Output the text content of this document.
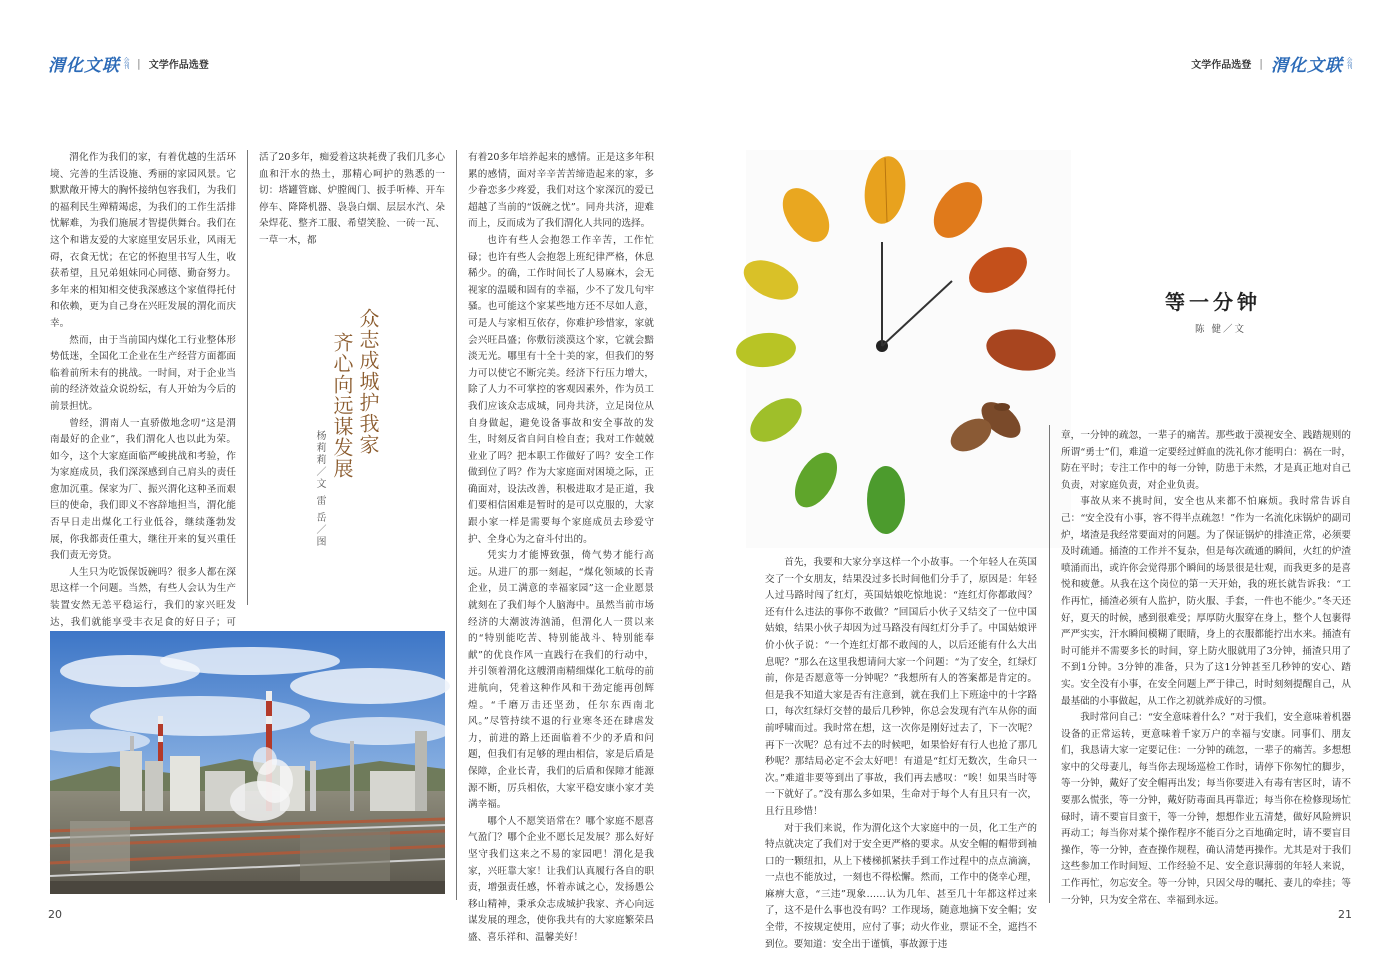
渭化文联 会刊 | 文学作品选登	文学作品选登 | 渭化文联 会刊

渭化作为我们的家，有着优越的生活环境、完善的生活设施、秀丽的家园风景。它默默敞开博大的胸怀接纳包容我们，为我们的福利民生殚精竭虑，为我们的工作生活排忧解难，为我们施展才智提供舞台。我们在这个和谐友爱的大家庭里安居乐业，风雨无碍，衣食无忧；在它的怀抱里书写人生，收获希望，且兄弟姐妹同心同德、勤奋努力。多年来的相知相交使我深感这个家值得托付和依赖，更为自己身在兴旺发展的渭化而庆幸。

然而，由于当前国内煤化工行业整体形势低迷，全国化工企业在生产经营方面都面临着前所未有的挑战。一时间，对于企业当前的经济效益众说纷纭，有人开始为今后的前景担忧。

曾经，渭南人一直骄傲地念叨“这是渭南最好的企业”，我们渭化人也以此为荣。如今，这个大家庭面临严峻挑战和考验，作为家庭成员，我们深深感到自己肩头的责任愈加沉重。保家为厂、振兴渭化这种圣而艰巨的使命，我们即义不容辞地担当，渭化能否早日走出煤化工行业低谷，继续蓬勃发展，你我都责任重大，继往开来的复兴重任我们责无旁贷。

人生只为吃饭保饭碗吗？很多人都在深思这样一个问题。当然，有些人会认为生产装置安然无恙平稳运行，我们的家兴旺发达，我们就能享受丰衣足食的好日子；可

活了20多年，痴爱着这块耗费了我们几多心血和汗水的热土，那精心呵护的熟悉的一切：塔罐管廊、炉膛阀门、扳手听棒、开车停车、降降机器、袅袅白烟、层层水汽、朵朵焊花、整齐工服、希望笑脸、一砖一瓦、一草一木，都

众志成城护我家
齐心向远谋发展
杨莉莉／文 雷 岳／图

有着20多年培养起来的感情。正是这多年积累的感情，面对辛辛苦苦缔造起来的家，多少眷恋多少疼爱，我们对这个家深沉的爱已超越了当前的“饭碗之忧”。同舟共济，迎难而上，反而成为了我们渭化人共同的选择。

也许有些人会抱怨工作辛苦，工作忙碌；也许有些人会抱怨上班纪律严格，休息稀少。的确，工作时间长了人易麻木，会无视家的温暖和固有的幸福，少不了发几句牢骚。也可能这个家某些地方还不尽如人意，可是人与家相互依存，你难护珍惜家，家就会兴旺昌盛；你敷衍淡漠这个家，它就会黯淡无光。哪里有十全十美的家，但我们的努力可以使它不断完美。经济下行压力增大，除了人力不可掌控的客观因素外，作为员工我们应该众志成城，同舟共济，立足岗位从自身做起，避免设备事故和安全事故的发生，时刻反省自问自检自查；我对工作兢兢业业了吗？把本职工作做好了吗？安全工作做到位了吗？作为大家庭面对困境之际，正确面对，设法改善，积极进取才是正道，我们要相信困难是暂时的是可以克服的，大家跟小家一样是需要每个家庭成员去珍爱守护、全身心为之奋斗付出的。

凭实力才能博致强，倚气势才能行高远。从进厂的那一刻起，“煤化领域的长青企业，员工满意的幸福家园”这一企业愿景就刻在了我们每个人脑海中。虽然当前市场经济的大潮波涛汹涌，但渭化人一贯以来的“特别能吃苦、特别能战斗、特别能奉献”的优良作风一直践行在我们的行动中，并引领着渭化这艘渭南精细煤化工航母的前进航向，凭着这种作风和干劲定能再创辉煌。“千磨万击还坚劲，任尔东西南北风。”尽管持续不退的行业寒冬还在肆虐发力，前进的路上还面临着不少的矛盾和问题，但我们有足够的理由相信，家是后盾是保障，企业长青，我们的后盾和保障才能源源不断，厉兵相依，大家平稳安康小家才美满幸福。

哪个人不愿笑语常在？哪个家庭不愿喜气盈门？哪个企业不愿长足发展？那么好好坚守我们这来之不易的家园吧！渭化是我家，兴旺靠大家！让我们认真履行各自的职责，增强责任感，怀着赤诚之心，发扬愚公移山精神，秉承众志成城护我家、齐心向远谋发展的理念，使你我共有的大家庭繁荣昌盛、喜乐祥和、温馨美好！

20
等一分钟
陈 健／文

首先，我要和大家分享这样一个小故事。一个年轻人在英国交了一个女朋友，结果没过多长时间他们分手了，原因是：年轻人过马路时闯了红灯，英国姑娘吃惊地说：“连红灯你都敢闯？还有什么违法的事你不敢做？”回国后小伙子又结交了一位中国姑娘，结果小伙子却因为过马路没有闯红灯分手了。中国姑娘评价小伙子说：“一个连红灯都不敢闯的人，以后还能有什么大出息呢？”那么在这里我想请问大家一个问题：“为了安全，红绿灯前，你是否愿意等一分钟呢？”我想所有人的答案都是肯定的。但是我不知道大家是否有注意到，就在我们上下班途中的十字路口，每次红绿灯交替的最后几秒钟，你总会发现有汽车从你的面前呼啸而过。我时常在想，这一次你是刚好过去了，下一次呢？再下一次呢？总有过不去的时候吧，如果恰好有行人也抢了那几秒呢？那结局必定不会太好吧！有道是“红灯无数次，生命只一次。”难道非要等到出了事故，我们再去感叹：“唉！如果当时等一下就好了。”没有那么多如果，生命对于每个人有且只有一次，且行且珍惜！

对于我们来说，作为渭化这个大家庭中的一员，化工生产的特点就决定了我们对于安全更严格的要求。从安全帽的帽带到袖口的一颗纽扣，从上下楼梯抓紧扶手到工作过程中的点点滴滴，一点也不能放过，一刻也不得松懈。然而，工作中的侥幸心理，麻痹大意，“三违”现象……认为几年、甚至几十年都这样过来了，这不是什么事也没有吗？工作现场，随意地摘下安全帽；安全带，不按规定使用，应付了事；动火作业，票证不全，遮挡不到位。要知道：安全出于谨慎，事故源于违

章，一分钟的疏忽，一辈子的痛苦。那些敢于漠视安全、践踏规则的所谓“勇士”们，难道一定要经过鲜血的洗礼你才能明白：祸在一时，防在平时；专注工作中的每一分钟，防患于未然，才是真正地对自己负责，对家庭负责，对企业负责。

事故从来不挑时间，安全也从来都不怕麻烦。我时常告诉自己：“安全没有小事，容不得半点疏忽！”作为一名流化床锅炉的副司炉，堵渣是我经常要面对的问题。为了保证锅炉的排渣正常，必须要及时疏通。捅渣的工作并不复杂，但是每次疏通的瞬间，火红的炉渣喷涌而出，或许你会觉得那个瞬间的场景很是壮观，而我更多的是喜悦和疲惫。从我在这个岗位的第一天开始，我的班长就告诉我：“工作再忙，捅渣必须有人监护，防火服、手套，一件也不能少。”冬天还好，夏天的时候，感到很难受；厚厚防火服穿在身上，整个人包裹得严严实实，汗水瞬间模糊了眼睛，身上的衣服都能拧出水来。捅渣有时可能并不需要多长的时间，穿上防火服就用了3分钟，捅渣只用了不到1分钟。3分钟的准备，只为了这1分钟甚至几秒钟的安心、踏实。安全没有小事，在安全问题上严于律己，时时刻刻提醒自己，从最基础的小事做起，从工作之初就养成好的习惯。

我时常问自己：“安全意味着什么？”对于我们，安全意味着机器设备的正常运转，更意味着千家万户的幸福与安康。同事们、朋友们，我恳请大家一定要记住：一分钟的疏忽，一辈子的痛苦。多想想家中的父母妻儿，每当你去现场巡检工作时，请停下你匆忙的脚步，等一分钟，戴好了安全帽再出发；每当你要进入有毒有害区时，请不要那么慌张，等一分钟，戴好防毒面具再靠近；每当你在检修现场忙碌时，请不要盲目蛮干，等一分钟，想想作业五清楚，做好风险辨识再动工；每当你对某个操作程序不能百分之百地确定时，请不要盲目操作，等一分钟，查查操作规程，确认清楚再操作。尤其是对于我们这些参加工作时间短、工作经验不足、安全意识薄弱的年轻人来说，工作再忙，勿忘安全。等一分钟，只因父母的嘱托、妻儿的牵挂；等一分钟，只为安全常在、幸福到永远。

21
